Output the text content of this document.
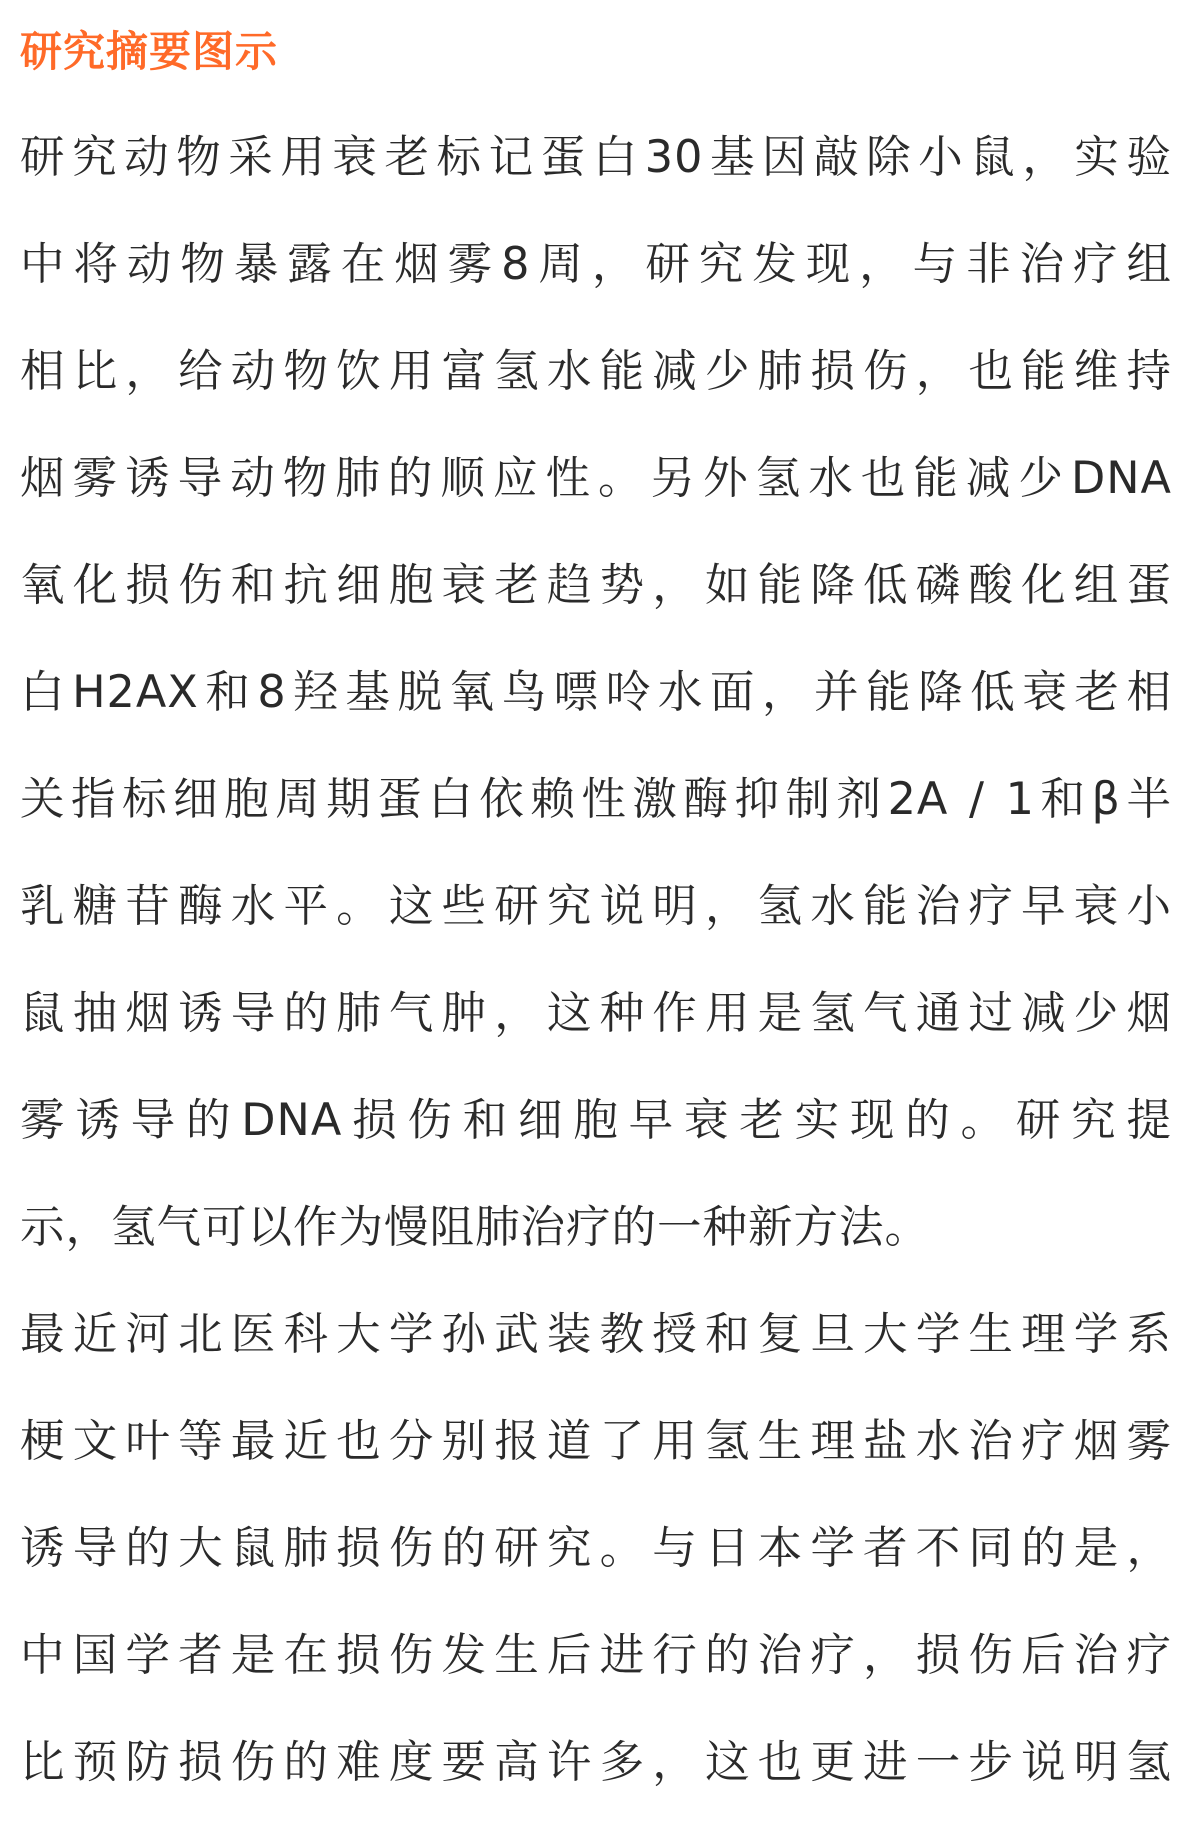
研究摘要图示
研究动物采用衰老标记蛋白30基因敲除小鼠，实验
中将动物暴露在烟雾8周，研究发现，与非治疗组
相比，给动物饮用富氢水能减少肺损伤，也能维持
烟雾诱导动物肺的顺应性。另外氢水也能减少DNA
氧化损伤和抗细胞衰老趋势，如能降低磷酸化组蛋
白H2AX和8羟基脱氧鸟嘌呤水面，并能降低衰老相
关指标细胞周期蛋白依赖性激酶抑制剂2A / 1和β半
乳糖苷酶水平。这些研究说明，氢水能治疗早衰小
鼠抽烟诱导的肺气肿，这种作用是氢气通过减少烟
雾诱导的DNA损伤和细胞早衰老实现的。研究提
示，氢气可以作为慢阻肺治疗的一种新方法。
最近河北医科大学孙武装教授和复旦大学生理学系
梗文叶等最近也分别报道了用氢生理盐水治疗烟雾
诱导的大鼠肺损伤的研究。与日本学者不同的是，
中国学者是在损伤发生后进行的治疗，损伤后治疗
比预防损伤的难度要高许多，这也更进一步说明氢
